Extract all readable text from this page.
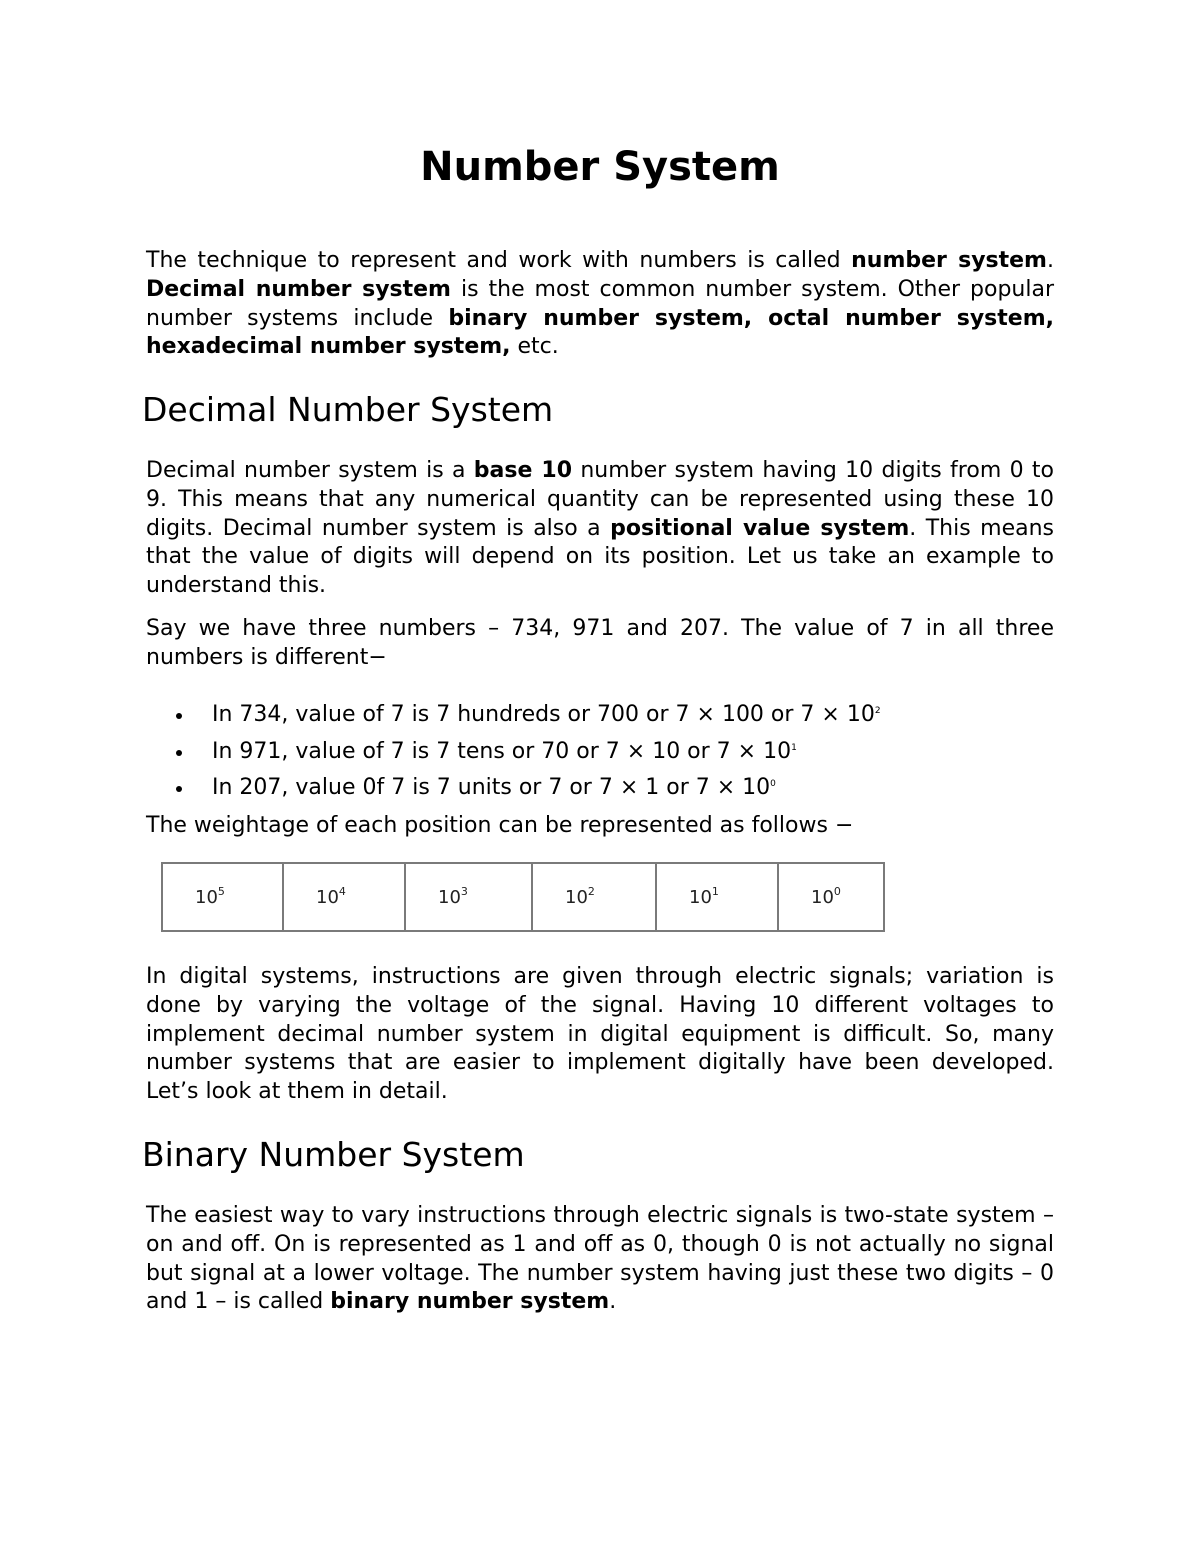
Number System

The technique to represent and work with numbers is called number system. Decimal number system is the most common number system. Other popular number systems include binary number system, octal number system, hexadecimal number system, etc.

Decimal Number System

Decimal number system is a base 10 number system having 10 digits from 0 to 9. This means that any numerical quantity can be represented using these 10 digits. Decimal number system is also a positional value system. This means that the value of digits will depend on its position. Let us take an example to understand this.

Say we have three numbers – 734, 971 and 207. The value of 7 in all three numbers is different−

In 734, value of 7 is 7 hundreds or 700 or 7 × 100 or $7 \times 10^2$
In 971, value of 7 is 7 tens or 70 or 7 × 10 or $7 \times 10^1$
In 207, value 0f 7 is 7 units or 7 or 7 × 1 or $7 \times 10^0$

The weightage of each position can be represented as follows −

$10^5$	$10^4$	$10^3$	$10^2$	$10^1$	$10^0$

In digital systems, instructions are given through electric signals; variation is done by varying the voltage of the signal. Having 10 different voltages to implement decimal number system in digital equipment is difficult. So, many number systems that are easier to implement digitally have been developed. Let’s look at them in detail.

Binary Number System

The easiest way to vary instructions through electric signals is two-state system – on and off. On is represented as 1 and off as 0, though 0 is not actually no signal but signal at a lower voltage. The number system having just these two digits – 0 and 1 – is called binary number system.
